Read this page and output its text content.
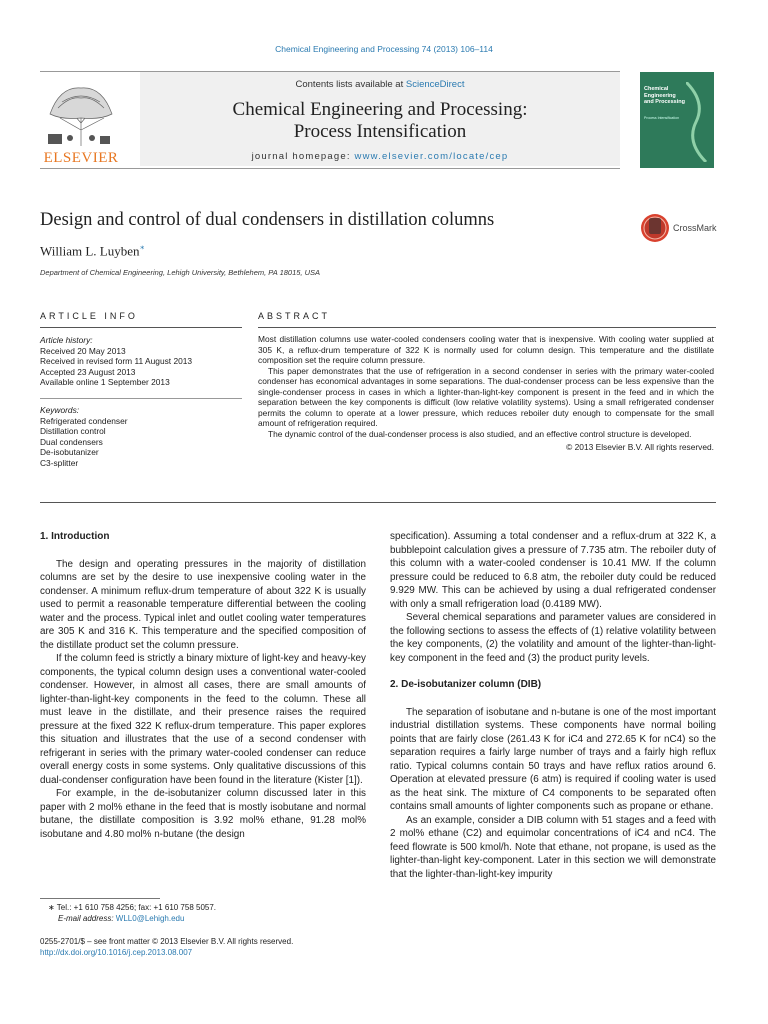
Chemical Engineering and Processing 74 (2013) 106–114
ELSEVIER
Contents lists available at ScienceDirect
Chemical Engineering and Processing:
Process Intensification
journal homepage: www.elsevier.com/locate/cep
Chemical Engineering and Processing
Process Intensification
Design and control of dual condensers in distillation columns	CrossMark
William L. Luyben∗
Department of Chemical Engineering, Lehigh University, Bethlehem, PA 18015, USA
ARTICLE INFO
Article history:
Received 20 May 2013
Received in revised form 11 August 2013
Accepted 23 August 2013
Available online 1 September 2013
Keywords:
Refrigerated condenser
Distillation control
Dual condensers
De-isobutanizer
C3-splitter
ABSTRACT

Most distillation columns use water-cooled condensers cooling water that is inexpensive. With cooling water supplied at 305 K, a reflux-drum temperature of 322 K is normally used for column design. This temperature and the distillate composition set the require column pressure.

This paper demonstrates that the use of refrigeration in a second condenser in series with the primary water-cooled condenser has economical advantages in some separations. The dual-condenser process can be less expensive than the single-condenser process in cases in which a lighter-than-light-key component is present in the feed and in which the separation between the key components is difficult (low relative volatility systems). Using a small refrigerated condenser permits the column to operate at a lower pressure, which reduces reboiler duty enough to compensate for the small amount of refrigeration required.

The dynamic control of the dual-condenser process is also studied, and an effective control structure is developed.

© 2013 Elsevier B.V. All rights reserved.
1. Introduction

The design and operating pressures in the majority of distillation columns are set by the desire to use inexpensive cooling water in the condenser. A minimum reflux-drum temperature of about 322 K is usually used to permit a reasonable temperature differential between the cooling water and the process. Typical inlet and outlet cooling water temperatures are 305 K and 316 K. This temperature and the specified composition of the distillate product set the column pressure.

If the column feed is strictly a binary mixture of light-key and heavy-key components, the typical column design uses a conventional water-cooled condenser. However, in almost all cases, there are small amounts of lighter-than-light-key components in the feed to the column. These all must leave in the distillate, and their presence raises the required pressure at the fixed 322 K reflux-drum temperature. This paper explores this situation and illustrates that the use of a second condenser with refrigerant in series with the primary water-cooled condenser can reduce overall energy costs in some systems. Only qualitative discussions of this dual-condenser configuration have been found in the literature (Kister [1]).

For example, in the de-isobutanizer column discussed later in this paper with 2 mol% ethane in the feed that is mostly isobutane and normal butane, the distillate composition is 3.92 mol% ethane, 91.28 mol% isobutane and 4.80 mol% n-butane (the design

specification). Assuming a total condenser and a reflux-drum at 322 K, a bubblepoint calculation gives a pressure of 7.735 atm. The reboiler duty of this column with a water-cooled condenser is 10.41 MW. If the column pressure could be reduced to 6.8 atm, the reboiler duty could be reduced 9.929 MW. This can be achieved by using a dual refrigerated condenser with only a small refrigeration load (0.4189 MW).

Several chemical separations and parameter values are considered in the following sections to assess the effects of (1) relative volatility between the key components, (2) the volatility and amount of the lighter-than-light-key component in the feed and (3) the product purity levels.

2. De-isobutanizer column (DIB)

The separation of isobutane and n-butane is one of the most important industrial distillation systems. These components have normal boiling points that are fairly close (261.43 K for iC4 and 272.65 K for nC4) so the separation requires a fairly large number of trays and a fairly high reflux ratio. Typical columns contain 50 trays and have reflux ratios around 6. Operation at elevated pressure (6 atm) is required if cooling water is used as the heat sink. The mixture of C4 components to be separated often contains small amounts of lighter components such as propane or ethane.

As an example, consider a DIB column with 51 stages and a feed with 2 mol% ethane (C2) and equimolar concentrations of iC4 and nC4. The feed flowrate is 500 kmol/h. Note that ethane, not propane, is used as the lighter-than-light key-component. Later in this section we will demonstrate that the lighter-than-light-key impurity

∗ Tel.: +1 610 758 4256; fax: +1 610 758 5057.
E-mail address: WLL0@Lehigh.edu
0255-2701/$ – see front matter © 2013 Elsevier B.V. All rights reserved.
http://dx.doi.org/10.1016/j.cep.2013.08.007
